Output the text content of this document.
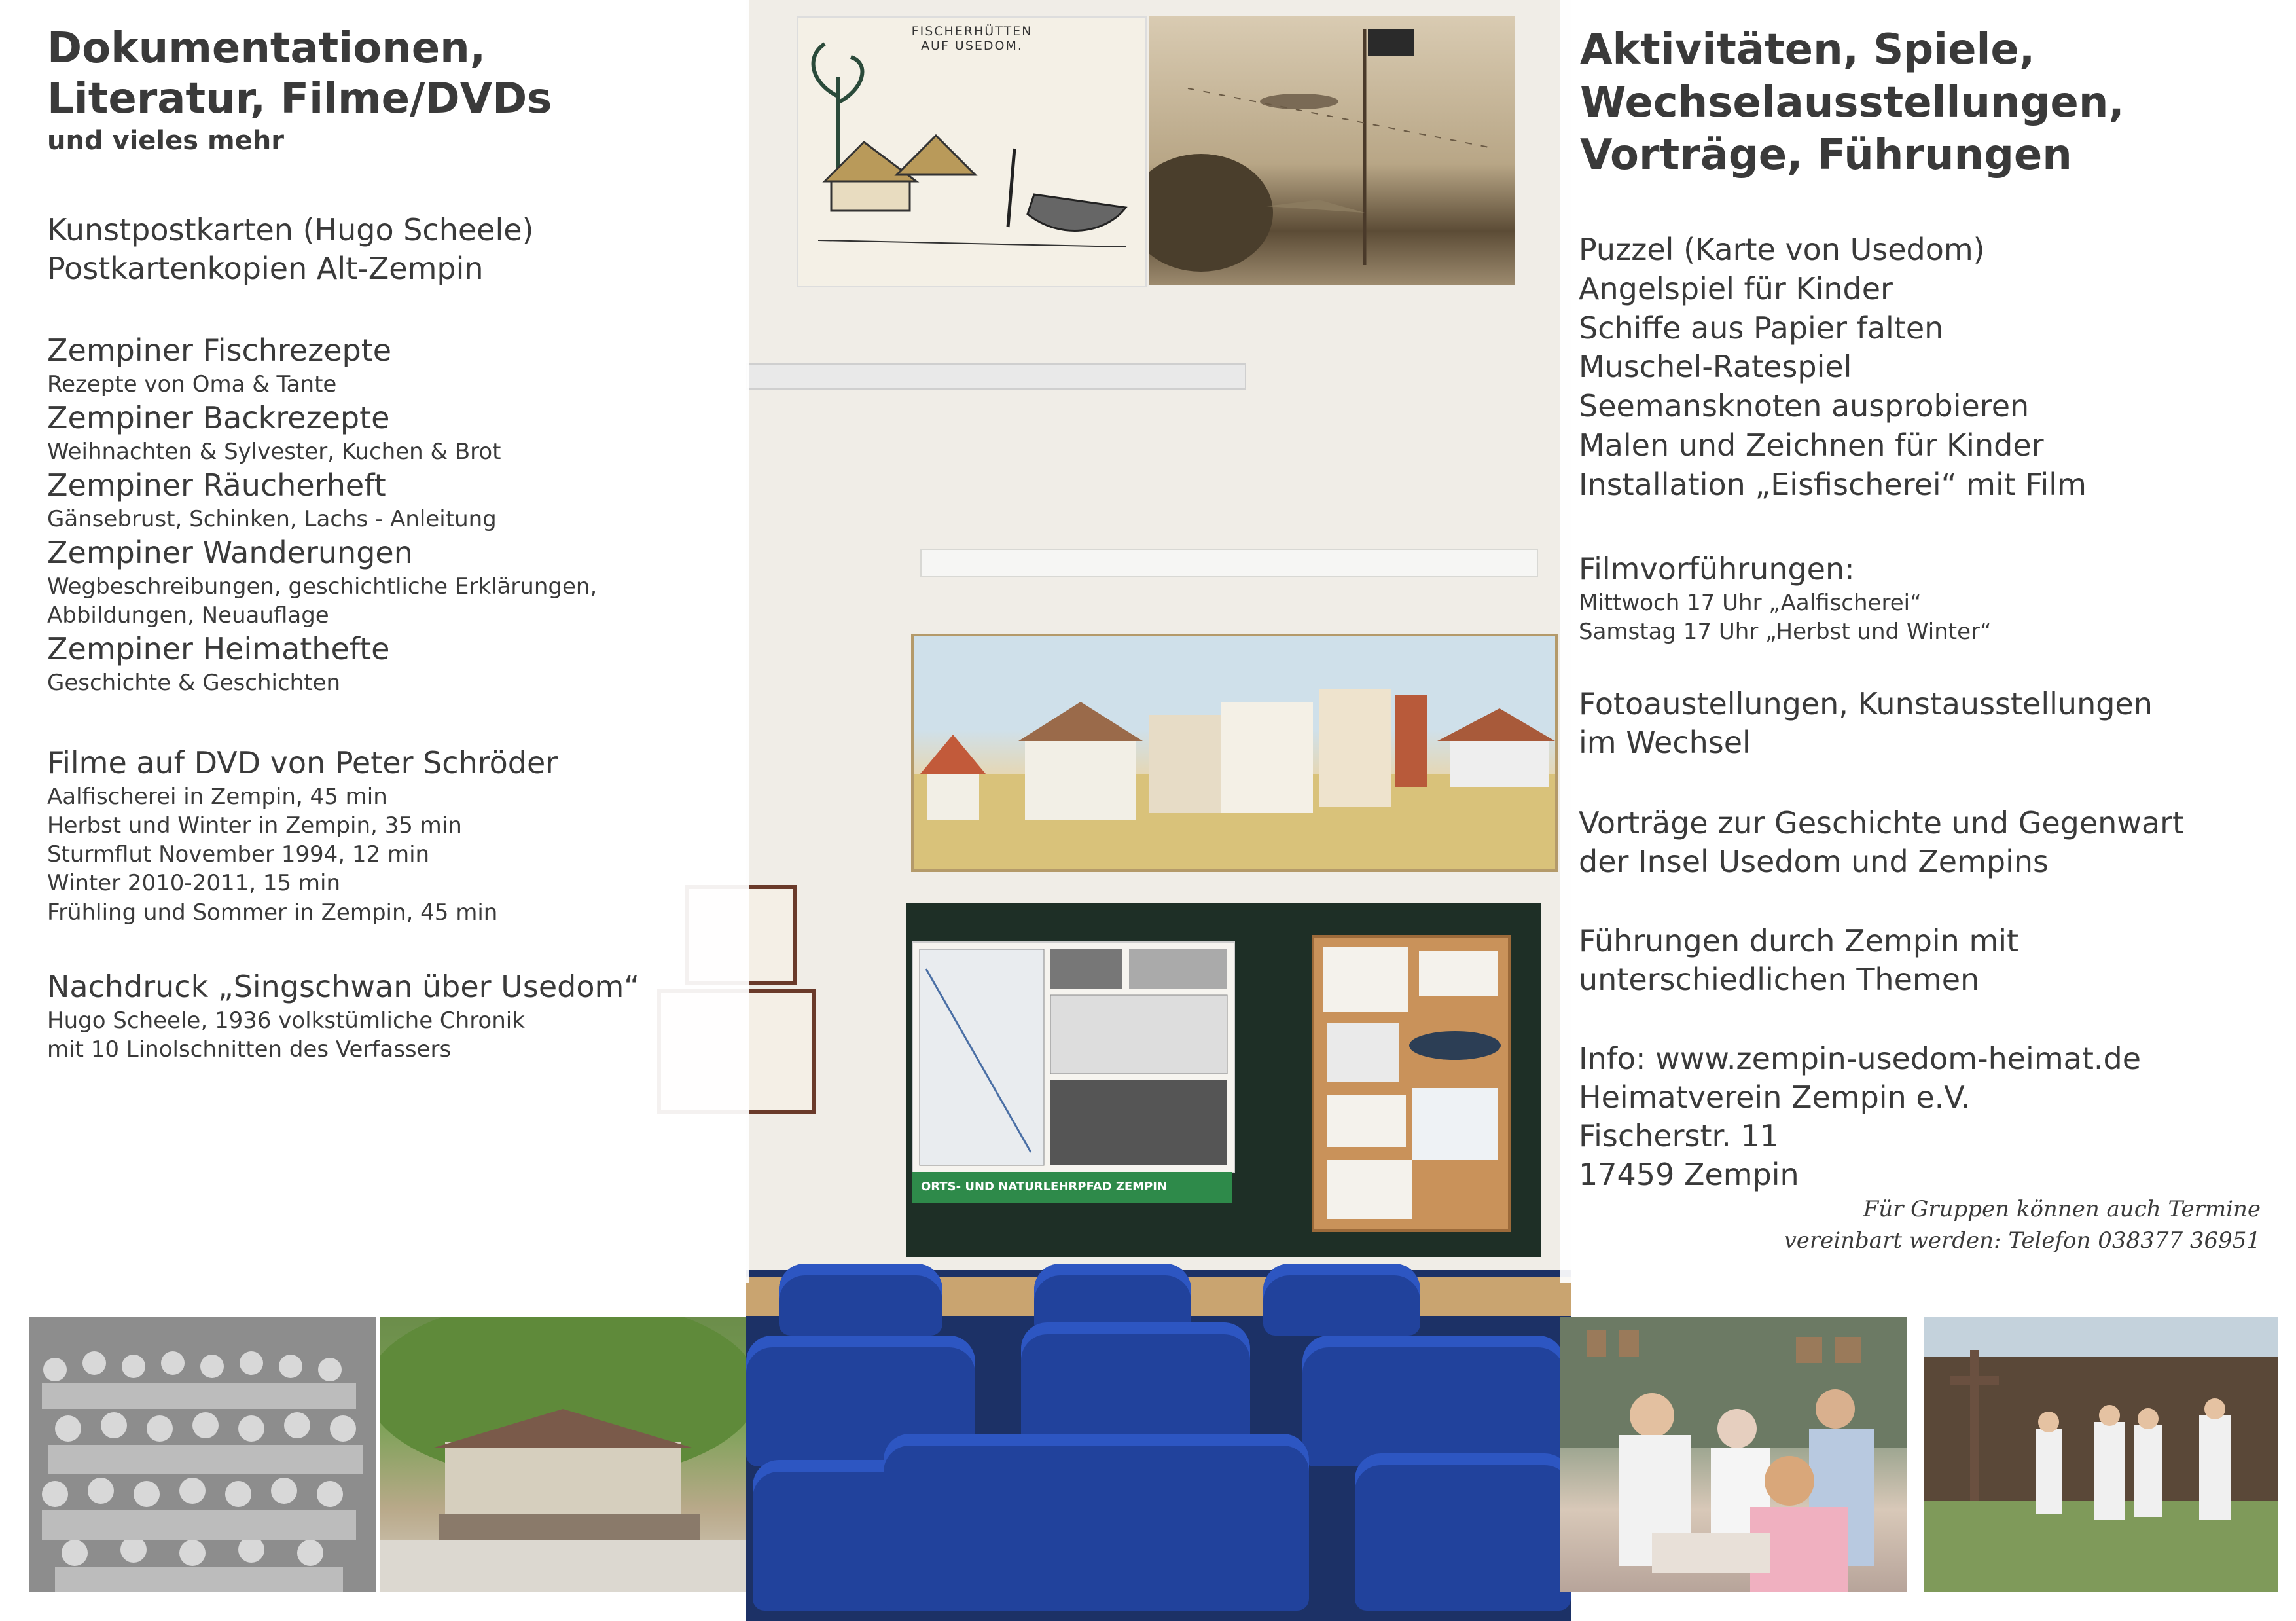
ORTS- UND NATURLEHRPFAD ZEMPIN
FISCHERHÜTTEN
AUF USEDOM.
Dokumentationen,
Literatur, Filme/DVDs
und vieles mehr
Kunstpostkarten (Hugo Scheele)
Postkartenkopien Alt-Zempin
Zempiner Fischrezepte
Rezepte von Oma & Tante
Zempiner Backrezepte
Weihnachten & Sylvester, Kuchen & Brot
Zempiner Räucherheft
Gänsebrust, Schinken, Lachs - Anleitung
Zempiner Wanderungen
Wegbeschreibungen, geschichtliche Erklärungen,
Abbildungen, Neuauflage
Zempiner Heimathefte
Geschichte & Geschichten
Filme auf DVD von Peter Schröder
Aalfischerei in Zempin, 45 min
Herbst und Winter in Zempin, 35 min
Sturmflut November 1994, 12 min
Winter 2010-2011, 15 min
Frühling und Sommer in Zempin, 45 min
Nachdruck „Singschwan über Usedom“
Hugo Scheele, 1936 volkstümliche Chronik
mit 10 Linolschnitten des Verfassers
Aktivitäten, Spiele,
Wechselausstellungen,
Vorträge, Führungen
Puzzel (Karte von Usedom)
Angelspiel für Kinder
Schiffe aus Papier falten
Muschel-Ratespiel
Seemansknoten ausprobieren
Malen und Zeichnen für Kinder
Installation „Eisfischerei“ mit Film
Filmvorführungen:
Mittwoch 17 Uhr „Aalfischerei“
Samstag 17 Uhr „Herbst und Winter“
Fotoaustellungen, Kunstausstellungen
im Wechsel
Vorträge zur Geschichte und Gegenwart
der Insel Usedom und Zempins
Führungen durch Zempin mit
unterschiedlichen Themen
Info: www.zempin-usedom-heimat.de
Heimatverein Zempin e.V.
Fischerstr. 11
17459 Zempin
Für Gruppen können auch Termine
vereinbart werden: Telefon 038377 36951
